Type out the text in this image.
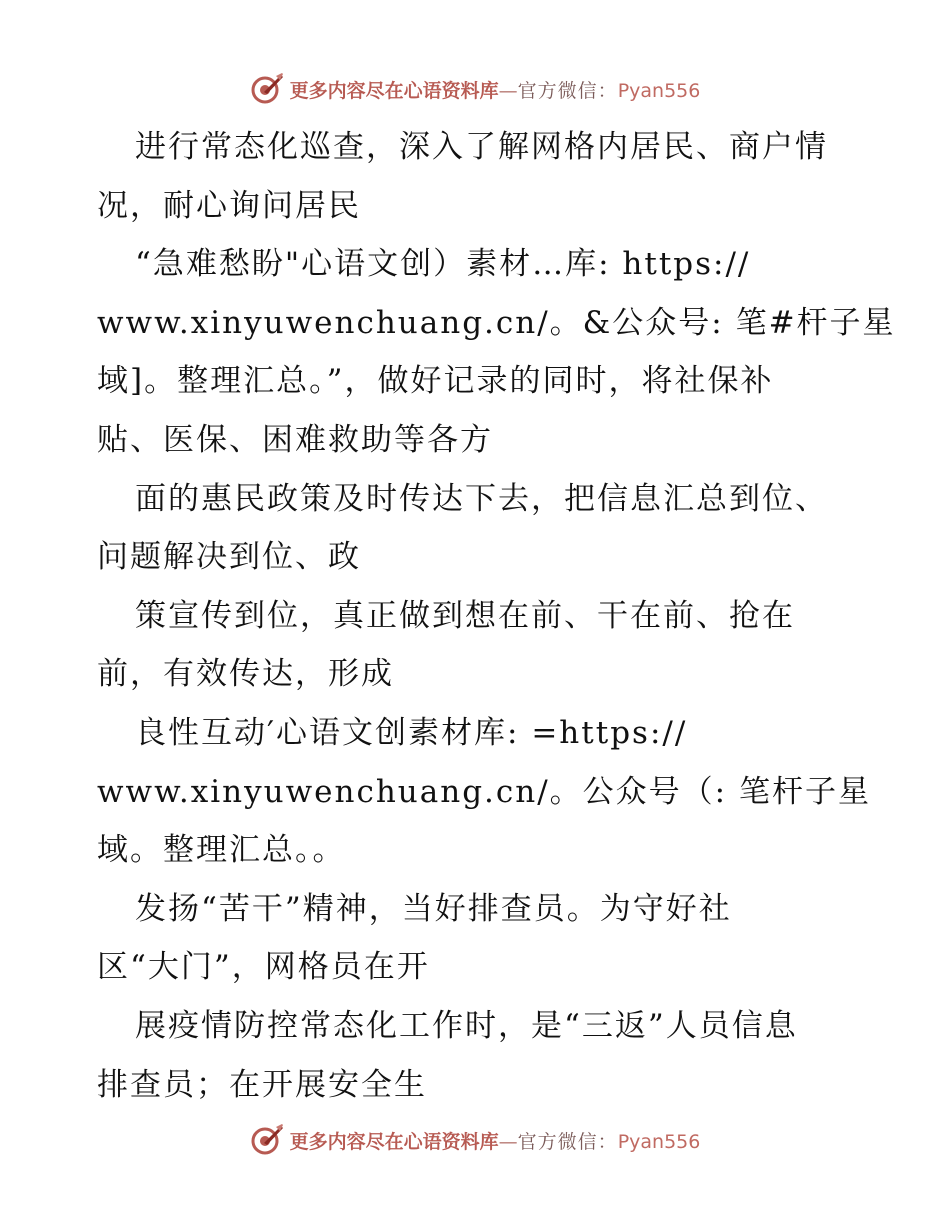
更多内容尽在心语资料库 — 官方微信： Pyan556
进行常态化巡查，深入了解网格内居民、商户情
况，耐心询问居民
“急难愁盼"心语文创）素材…库: https://
www.xinyuwenchuang.cn/。&公众号: 笔#杆子星
域]。整理汇总。”，做好记录的同时，将社保补
贴、医保、困难救助等各方
面的惠民政策及时传达下去，把信息汇总到位、
问题解决到位、政
策宣传到位，真正做到想在前、干在前、抢在
前，有效传达，形成
良性互动′心语文创素材库: =https://
www.xinyuwenchuang.cn/。公众号（: 笔杆子星
域。整理汇总。。
发扬“苦干”精神，当好排查员。为守好社
区“大门”，网格员在开
展疫情防控常态化工作时，是“三返”人员信息
排查员；在开展安全生
更多内容尽在心语资料库 — 官方微信： Pyan556
